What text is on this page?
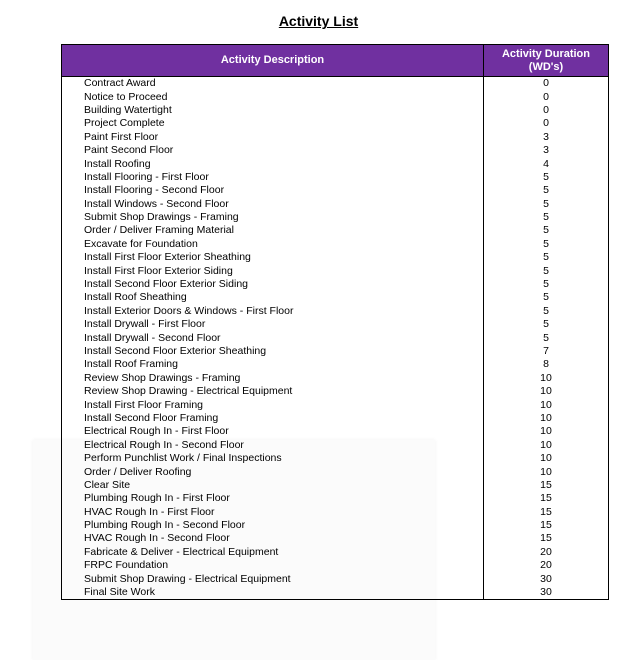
Activity List
Activity Description	Activity Duration (WD's)
Contract Award	0
Notice to Proceed	0
Building Watertight	0
Project Complete	0
Paint First Floor	3
Paint Second Floor	3
Install Roofing	4
Install Flooring - First Floor	5
Install Flooring - Second Floor	5
Install Windows - Second Floor	5
Submit Shop Drawings - Framing	5
Order / Deliver Framing Material	5
Excavate for Foundation	5
Install First Floor Exterior Sheathing	5
Install First Floor Exterior Siding	5
Install Second Floor Exterior Siding	5
Install Roof Sheathing	5
Install Exterior Doors & Windows - First Floor	5
Install Drywall - First Floor	5
Install Drywall - Second Floor	5
Install Second Floor Exterior Sheathing	7
Install Roof Framing	8
Review Shop Drawings - Framing	10
Review Shop Drawing - Electrical Equipment	10
Install First Floor Framing	10
Install Second Floor Framing	10
Electrical Rough In - First Floor	10
Electrical Rough In - Second Floor	10
Perform Punchlist Work / Final Inspections	10
Order / Deliver Roofing	10
Clear Site	15
Plumbing Rough In - First Floor	15
HVAC Rough In - First Floor	15
Plumbing Rough In - Second Floor	15
HVAC Rough In - Second Floor	15
Fabricate & Deliver - Electrical Equipment	20
FRPC Foundation	20
Submit Shop Drawing - Electrical Equipment	30
Final Site Work	30
